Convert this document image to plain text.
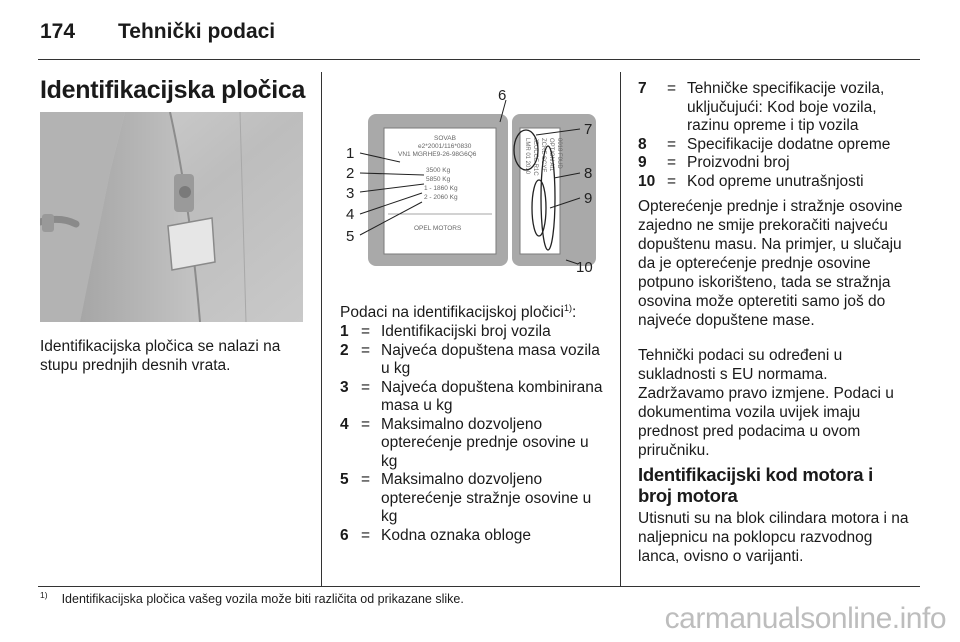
174 Tehnički podaci
Identifikacijska pločica
Identifikacijska pločica se nalazi na stupu prednjih desnih vrata.
SOVAB
e2*2001/116*0830
VN1 MGRHE9-26-98G6Q6
3500 Kg
5850 Kg
1 - 1860 Kg
2 - 2060 Kg
OPEL MOTORS
LMR 01 2010 JEUCCE R1C ZCRE SCYE OPTION AI1 0018 F0UD
1
2
3
4
5
6
7
8
9
10
Podaci na identifikacijskoj pločici$^{1)}$:
1 = Identifikacijski broj vozila
2 = Najveća dopuštena masa vozila u kg
3 = Najveća dopuštena kombinirana masa u kg
4 = Maksimalno dozvoljeno opterećenje prednje osovine u kg
5 = Maksimalno dozvoljeno opterećenje stražnje osovine u kg
6 = Kodna oznaka obloge
7	= Tehničke specifikacije vozila, uključujući: Kod boje vozila, razinu opreme i tip vozila
8	= Specifikacije dodatne opreme
9	= Proizvodni broj
10 = Kod opreme unutrašnjosti
Opterećenje prednje i stražnje osovine zajedno ne smije prekoračiti najveću dopuštenu masu. Na primjer, u slučaju da je opterećenje prednje osovine potpuno iskorišteno, tada se stražnja osovina može opteretiti samo još do najveće dopuštene mase.
Tehnički podaci su određeni u sukladnosti s EU normama. Zadržavamo pravo izmjene. Podaci u dokumentima vozila uvijek imaju prednost pred podacima u ovom priručniku.
Identifikacijski kod motora i broj motora
Utisnuti su na blok cilindara motora i na naljepnicu na poklopcu razvodnog lanca, ovisno o varijanti.
$^{1)}$ Identifikacijska pločica vašeg vozila može biti različita od prikazane slike.
carmanualsonline.info
